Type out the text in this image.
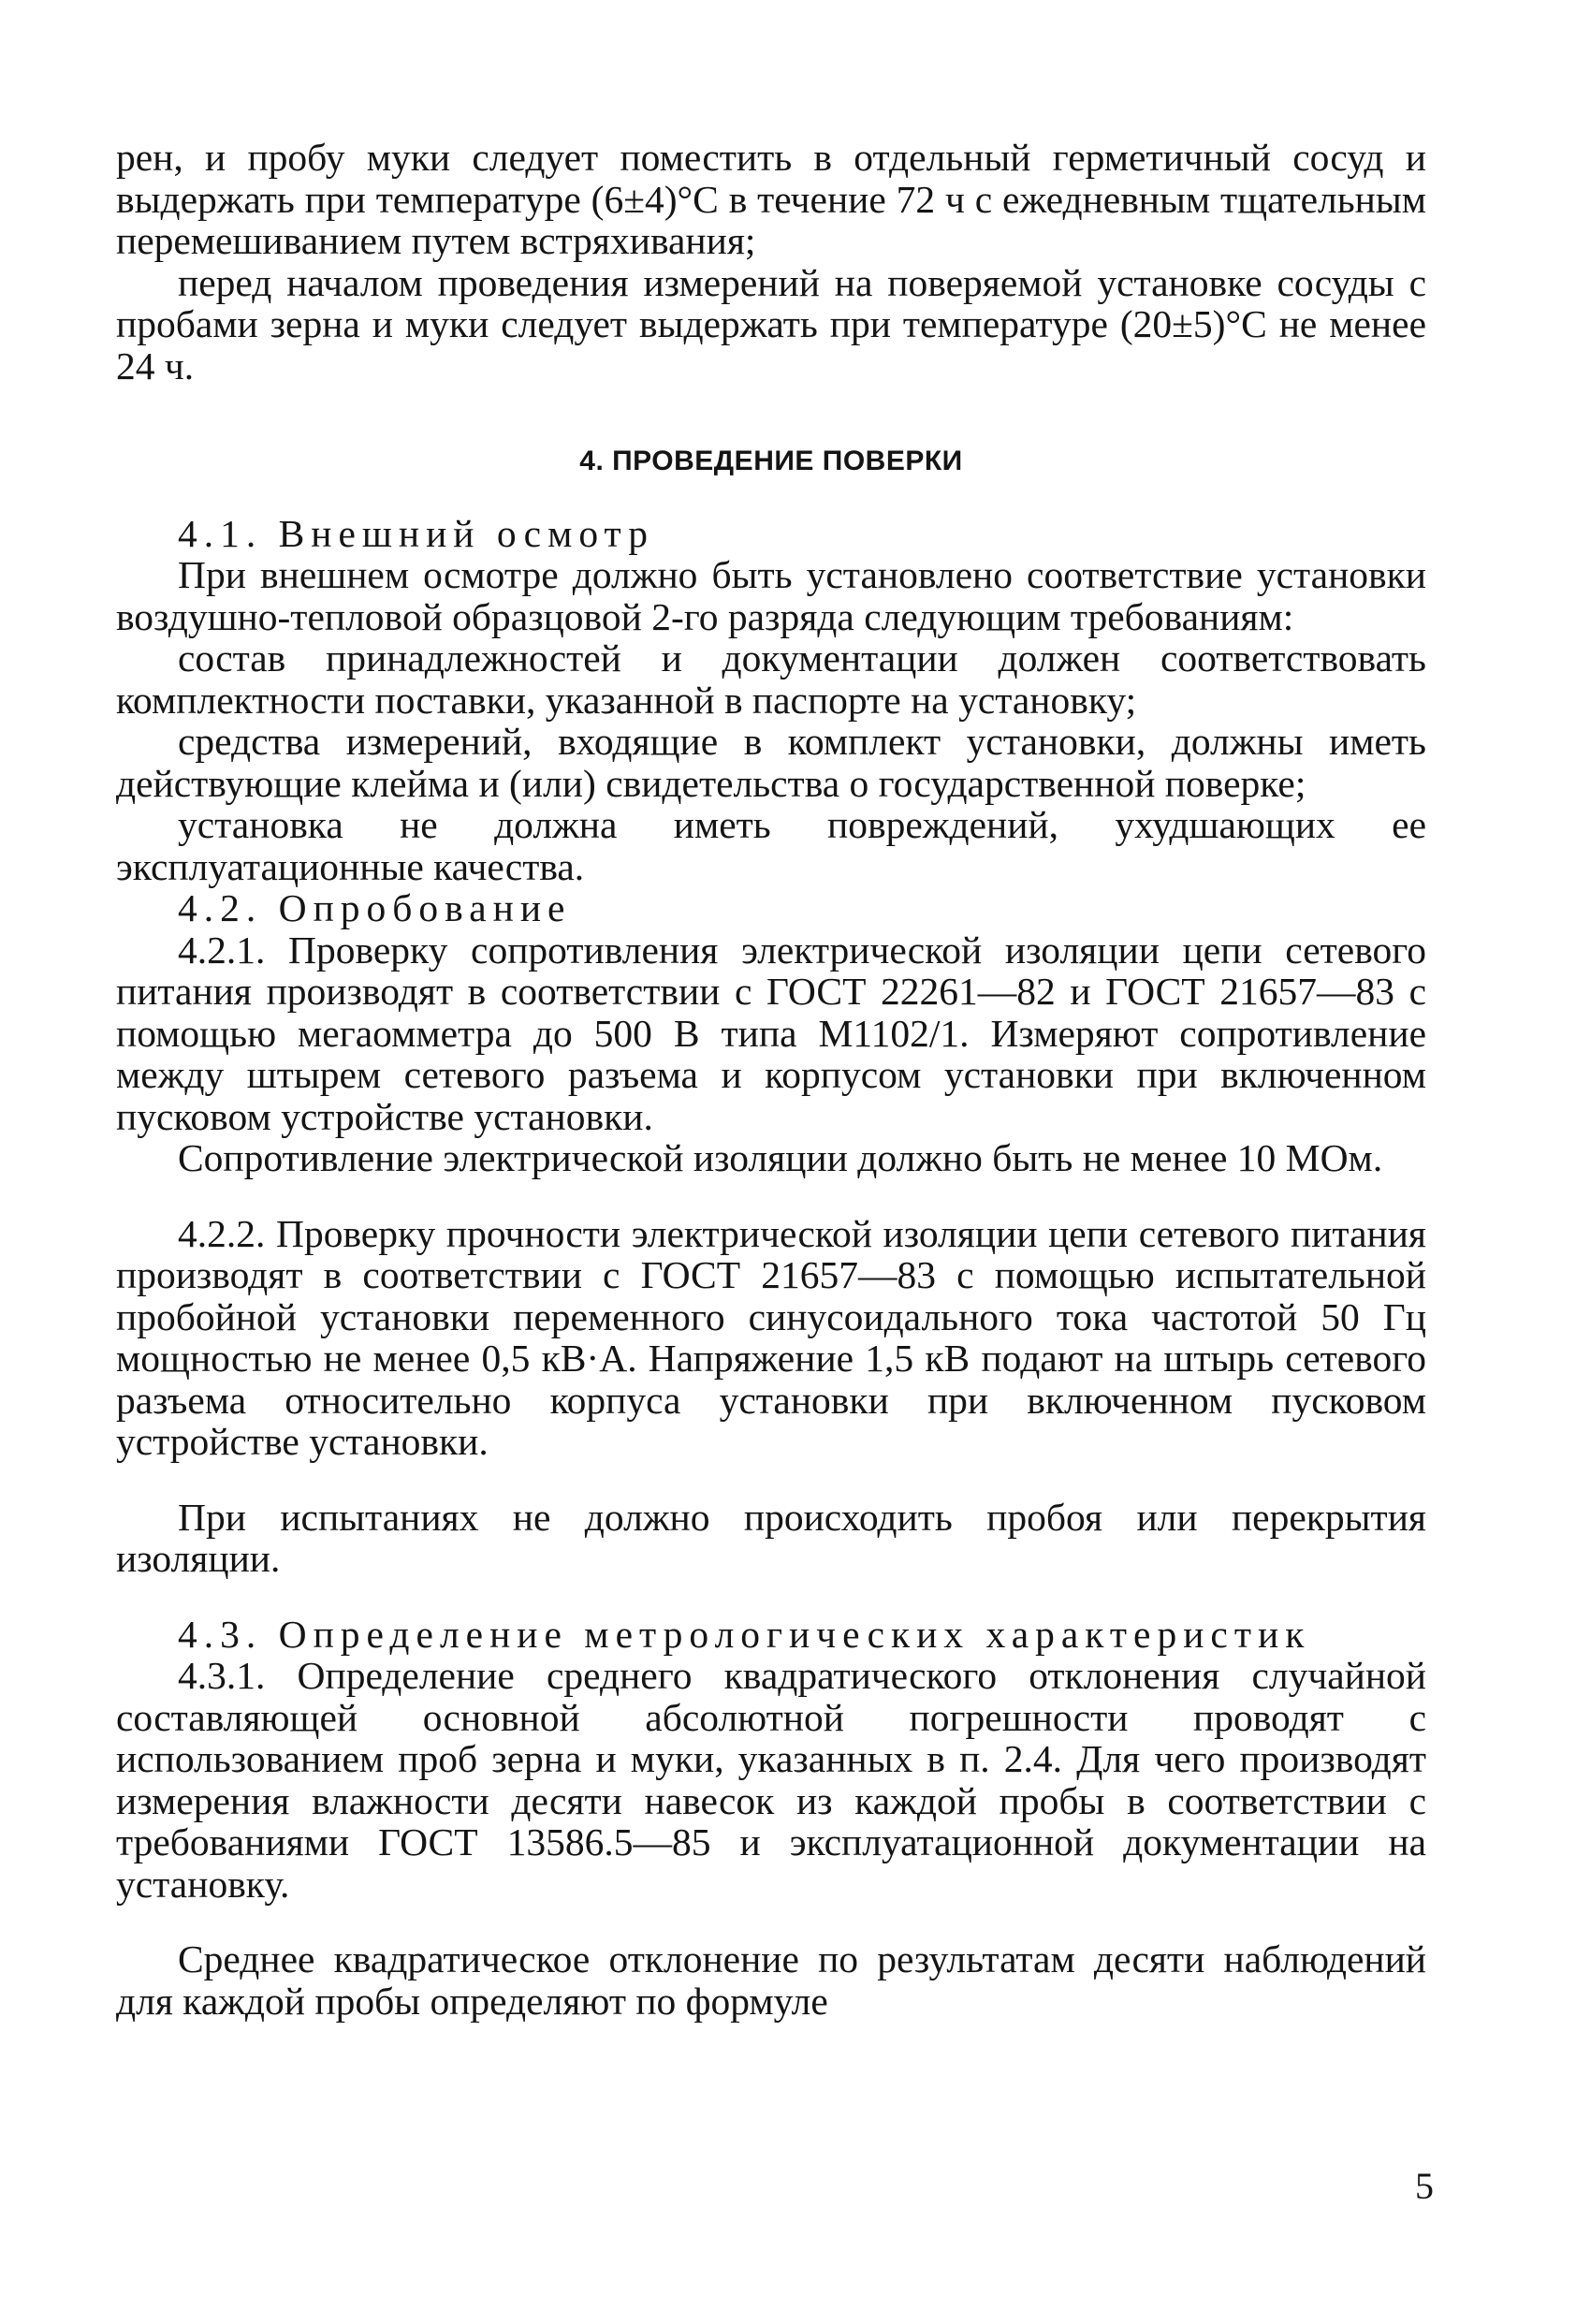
рен, и пробу муки следует поместить в отдельный герметичный сосуд и выдержать при температуре (6±4)°С в течение 72 ч с ежедневным тщательным перемешиванием путем встряхивания;

перед началом проведения измерений на поверяемой установке сосуды с пробами зерна и муки следует выдержать при температуре (20±5)°С не менее 24 ч.

4. ПРОВЕДЕНИЕ ПОВЕРКИ

4.1. Внешний осмотр

При внешнем осмотре должно быть установлено соответствие установки воздушно-тепловой образцовой 2-го разряда следующим требованиям:

состав принадлежностей и документации должен соответствовать комплектности поставки, указанной в паспорте на установку;

средства измерений, входящие в комплект установки, должны иметь действующие клейма и (или) свидетельства о государственной поверке;

установка не должна иметь повреждений, ухудшающих ее эксплуатационные качества.

4.2. Опробование

4.2.1. Проверку сопротивления электрической изоляции цепи сетевого питания производят в соответствии с ГОСТ 22261—82 и ГОСТ 21657—83 с помощью мегаомметра до 500 В типа М1102/1. Измеряют сопротивление между штырем сетевого разъема и корпусом установки при включенном пусковом устройстве установки.

Сопротивление электрической изоляции должно быть не менее 10 МОм.

4.2.2. Проверку прочности электрической изоляции цепи сетевого питания производят в соответствии с ГОСТ 21657—83 с помощью испытательной пробойной установки переменного синусоидального тока частотой 50 Гц мощностью не менее 0,5 кВ·А. Напряжение 1,5 кВ подают на штырь сетевого разъема относительно корпуса установки при включенном пусковом устройстве установки.

При испытаниях не должно происходить пробоя или перекрытия изоляции.

4.3. Определение метрологических характеристик

4.3.1. Определение среднего квадратического отклонения случайной составляющей основной абсолютной погрешности проводят с использованием проб зерна и муки, указанных в п. 2.4. Для чего производят измерения влажности десяти навесок из каждой пробы в соответствии с требованиями ГОСТ 13586.5—85 и эксплуатационной документации на установку.

Среднее квадратическое отклонение по результатам десяти наблюдений для каждой пробы определяют по формуле

5
